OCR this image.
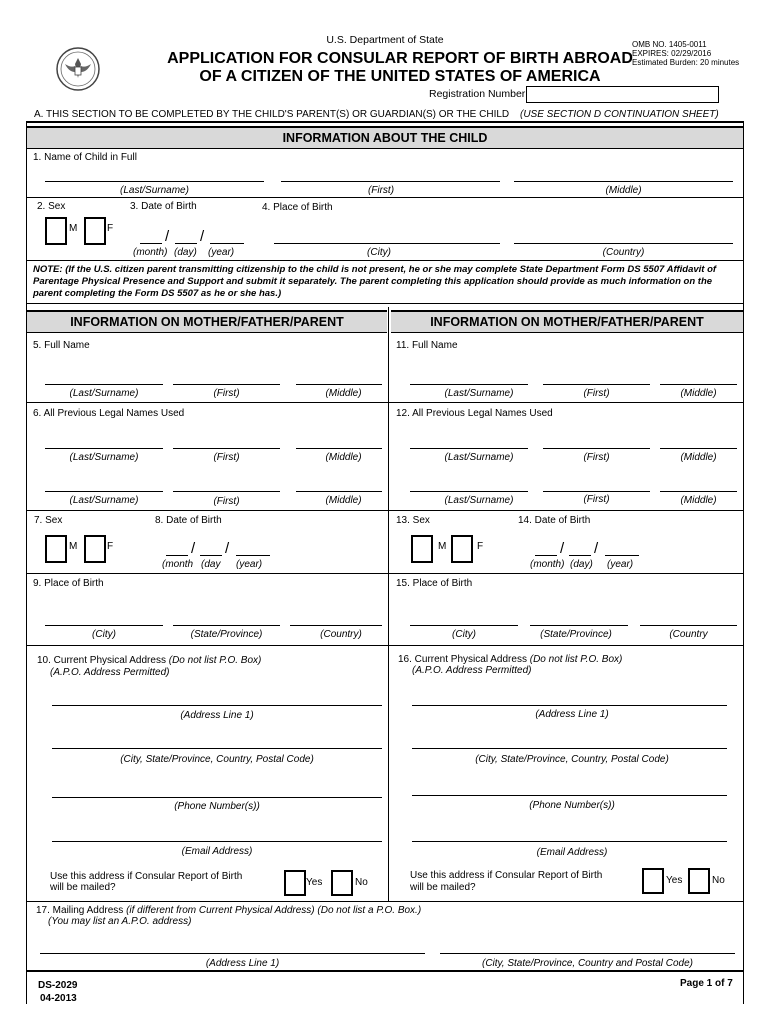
U.S. Department of State
APPLICATION FOR CONSULAR REPORT OF BIRTH ABROAD
OF A CITIZEN OF THE UNITED STATES OF AMERICA
OMB NO. 1405-0011
EXPIRES: 02/29/2016
Estimated Burden: 20 minutes
Registration Number
A. THIS SECTION TO BE COMPLETED BY THE CHILD'S PARENT(S) OR GUARDIAN(S) OR THE CHILD (USE SECTION D CONTINUATION SHEET)
INFORMATION ABOUT THE CHILD
1. Name of Child in Full
(Last/Surname)	(First)	(Middle)
2. Sex	3. Date of Birth	4. Place of Birth
M	F	/ /
(month) (day) (year)	(City)	(Country)
NOTE: (If the U.S. citizen parent transmitting citizenship to the child is not present, he or she may complete State Department Form DS 5507 Affidavit of Parentage Physical Presence and Support and submit it separately. The parent completing this application should provide as much information on the parent completing the Form DS 5507 as he or she has.)
INFORMATION ON MOTHER/FATHER/PARENT	INFORMATION ON MOTHER/FATHER/PARENT
5. Full Name
(Last/Surname)	(First)	(Middle)
6. All Previous Legal Names Used
(Last/Surname)	(First)	(Middle)
(Last/Surname)	(First)	(Middle)
7. Sex	8. Date of Birth
M	F	/ /
(month (day (year)
9. Place of Birth
(City)	(State/Province)	(Country)
10. Current Physical Address (Do not list P.O. Box)
(A.P.O. Address Permitted)
(Address Line 1)
(City, State/Province, Country, Postal Code)
(Phone Number(s))
(Email Address)
Use this address if Consular Report of Birth
will be mailed?	Yes	No
11. Full Name
(Last/Surname)	(First)	(Middle)
12. All Previous Legal Names Used
(Last/Surname)	(First)	(Middle)
(Last/Surname)	(First)	(Middle)
13. Sex	14. Date of Birth
M	F	/ /
(month) (day) (year)
15. Place of Birth
(City)	(State/Province)	(Country
16. Current Physical Address (Do not list P.O. Box)
(A.P.O. Address Permitted)
(Address Line 1)
(City, State/Province, Country, Postal Code)
(Phone Number(s))
(Email Address)
Use this address if Consular Report of Birth
will be mailed?
Yes	No
17. Mailing Address (if different from Current Physical Address) (Do not list a P.O. Box.)
(You may list an A.P.O. address)
(Address Line 1)	(City, State/Province, Country and Postal Code)
DS-2029
04-2013
Page 1 of 7
